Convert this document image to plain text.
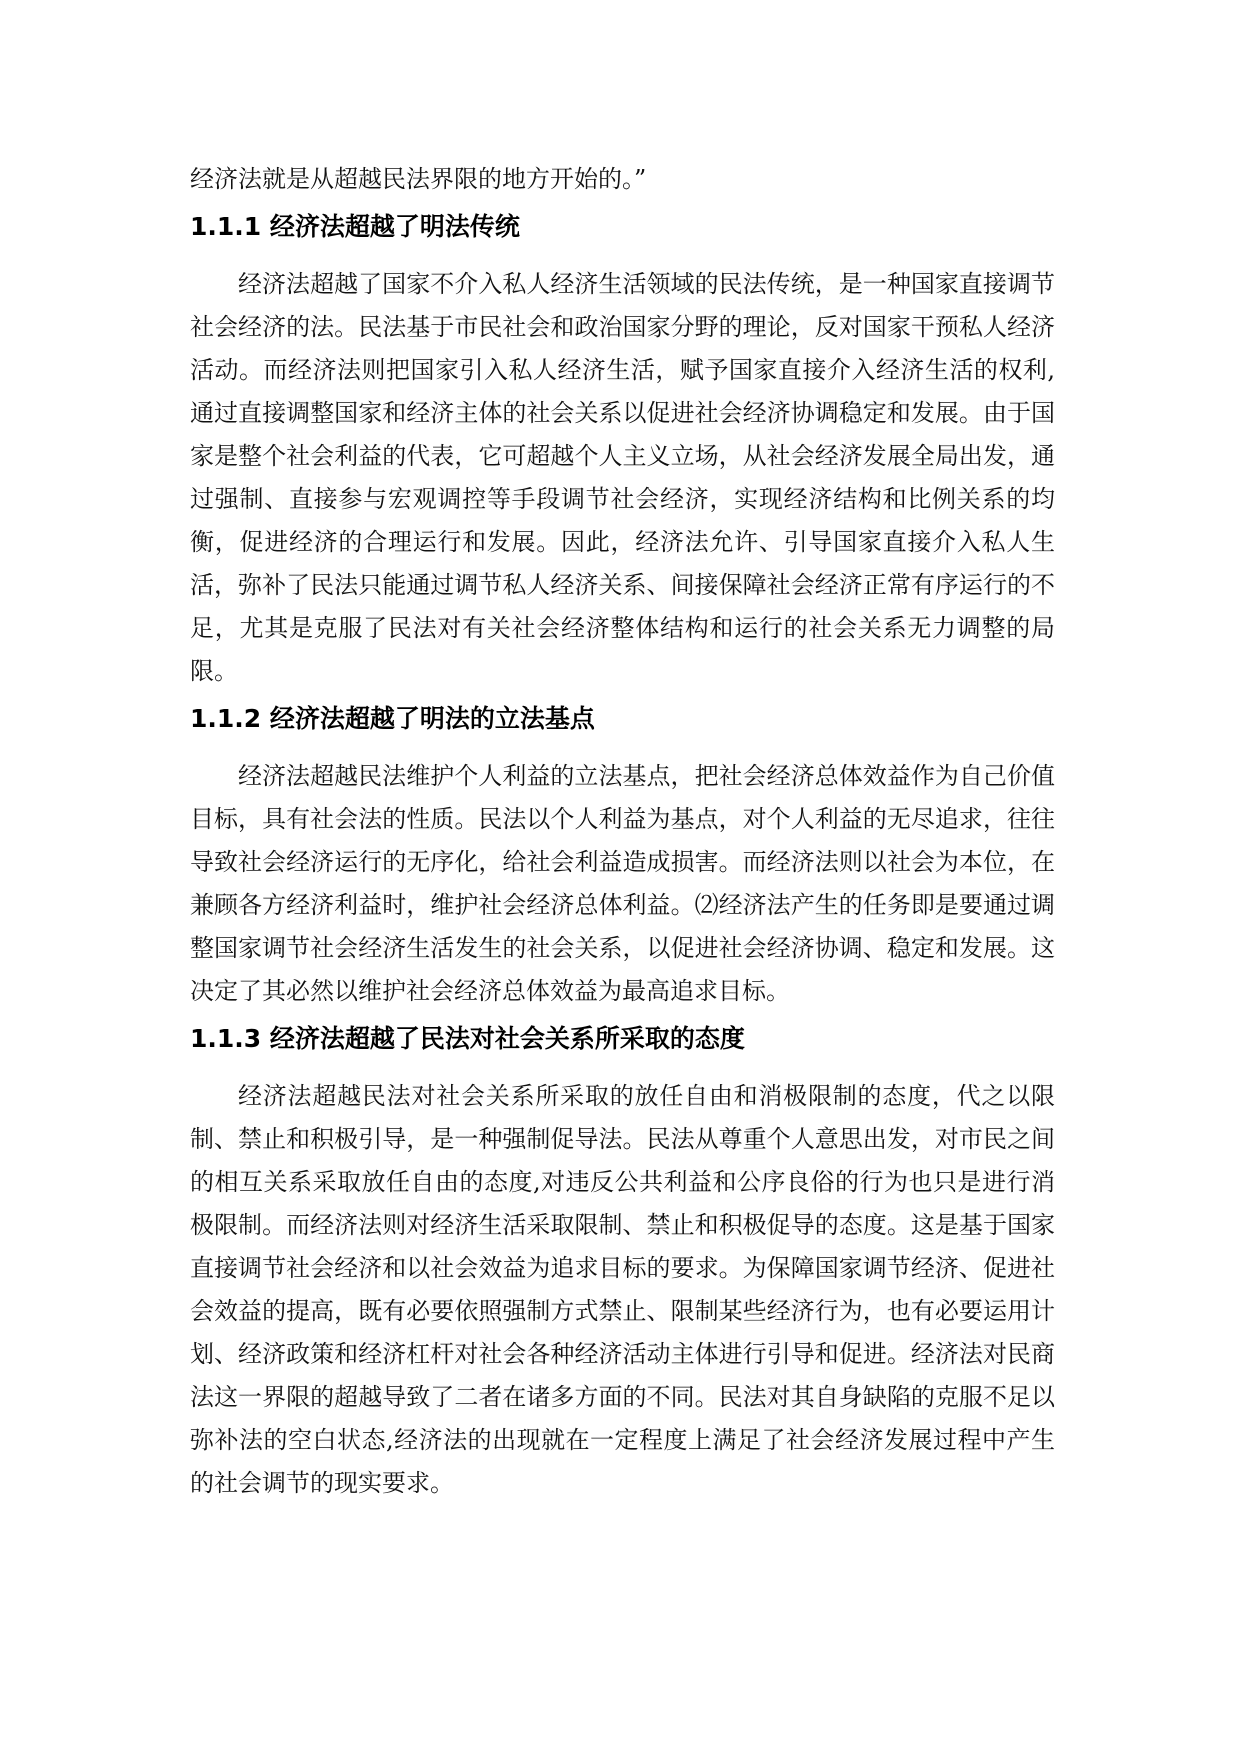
经济法就是从超越民法界限的地方开始的。”

1.1.1 经济法超越了明法传统

经济法超越了国家不介入私人经济生活领域的民法传统，是一种国家直接调节社会经济的法。民法基于市民社会和政治国家分野的理论，反对国家干预私人经济活动。而经济法则把国家引入私人经济生活，赋予国家直接介入经济生活的权利,通过直接调整国家和经济主体的社会关系以促进社会经济协调稳定和发展。由于国家是整个社会利益的代表，它可超越个人主义立场，从社会经济发展全局出发，通过强制、直接参与宏观调控等手段调节社会经济，实现经济结构和比例关系的均衡，促进经济的合理运行和发展。因此，经济法允许、引导国家直接介入私人生活，弥补了民法只能通过调节私人经济关系、间接保障社会经济正常有序运行的不足，尤其是克服了民法对有关社会经济整体结构和运行的社会关系无力调整的局限。

1.1.2 经济法超越了明法的立法基点

经济法超越民法维护个人利益的立法基点，把社会经济总体效益作为自己价值目标，具有社会法的性质。民法以个人利益为基点，对个人利益的无尽追求，往往导致社会经济运行的无序化，给社会利益造成损害。而经济法则以社会为本位，在兼顾各方经济利益时，维护社会经济总体利益。⑵经济法产生的任务即是要通过调整国家调节社会经济生活发生的社会关系，以促进社会经济协调、稳定和发展。这决定了其必然以维护社会经济总体效益为最高追求目标。

1.1.3 经济法超越了民法对社会关系所采取的态度

经济法超越民法对社会关系所采取的放任自由和消极限制的态度，代之以限制、禁止和积极引导，是一种强制促导法。民法从尊重个人意思出发，对市民之间的相互关系采取放任自由的态度,对违反公共利益和公序良俗的行为也只是进行消极限制。而经济法则对经济生活采取限制、禁止和积极促导的态度。这是基于国家直接调节社会经济和以社会效益为追求目标的要求。为保障国家调节经济、促进社会效益的提高，既有必要依照强制方式禁止、限制某些经济行为，也有必要运用计划、经济政策和经济杠杆对社会各种经济活动主体进行引导和促进。经济法对民商法这一界限的超越导致了二者在诸多方面的不同。民法对其自身缺陷的克服不足以弥补法的空白状态,经济法的出现就在一定程度上满足了社会经济发展过程中产生的社会调节的现实要求。
